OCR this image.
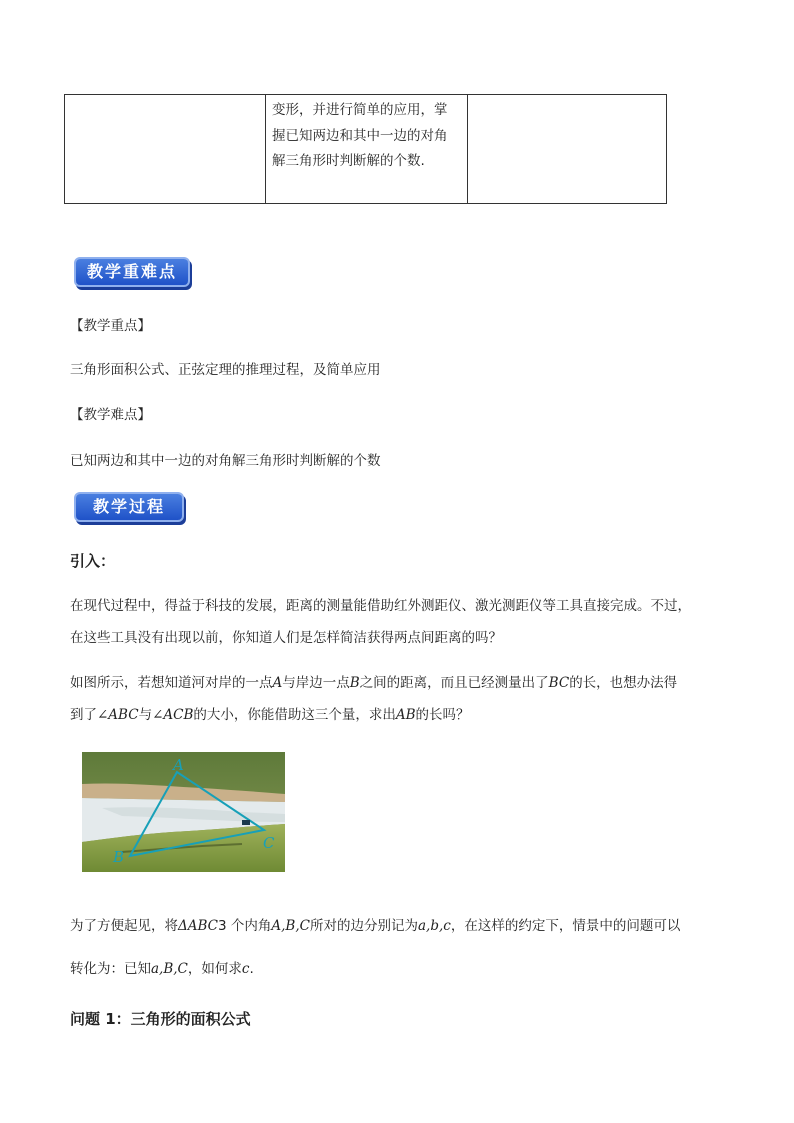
变形，并进行简单的应用，掌
握已知两边和其中一边的对角
解三角形时判断解的个数.
教学重难点
【教学重点】
三角形面积公式、正弦定理的推理过程，及简单应用
【教学难点】
已知两边和其中一边的对角解三角形时判断解的个数
教学过程
引入：
在现代过程中，得益于科技的发展，距离的测量能借助红外测距仪、激光测距仪等工具直接完成。不过，
在这些工具没有出现以前，你知道人们是怎样简洁获得两点间距离的吗？
如图所示，若想知道河对岸的一点A与岸边一点B之间的距离，而且已经测量出了BC的长，也想办法得
到了∠ABC与∠ACB的大小，你能借助这三个量，求出AB的长吗？
A
B
C
为了方便起见，将ΔABC3 个内角A,B,C所对的边分别记为a,b,c，在这样的约定下，情景中的问题可以
转化为：已知a,B,C，如何求c.
问题 1：三角形的面积公式
